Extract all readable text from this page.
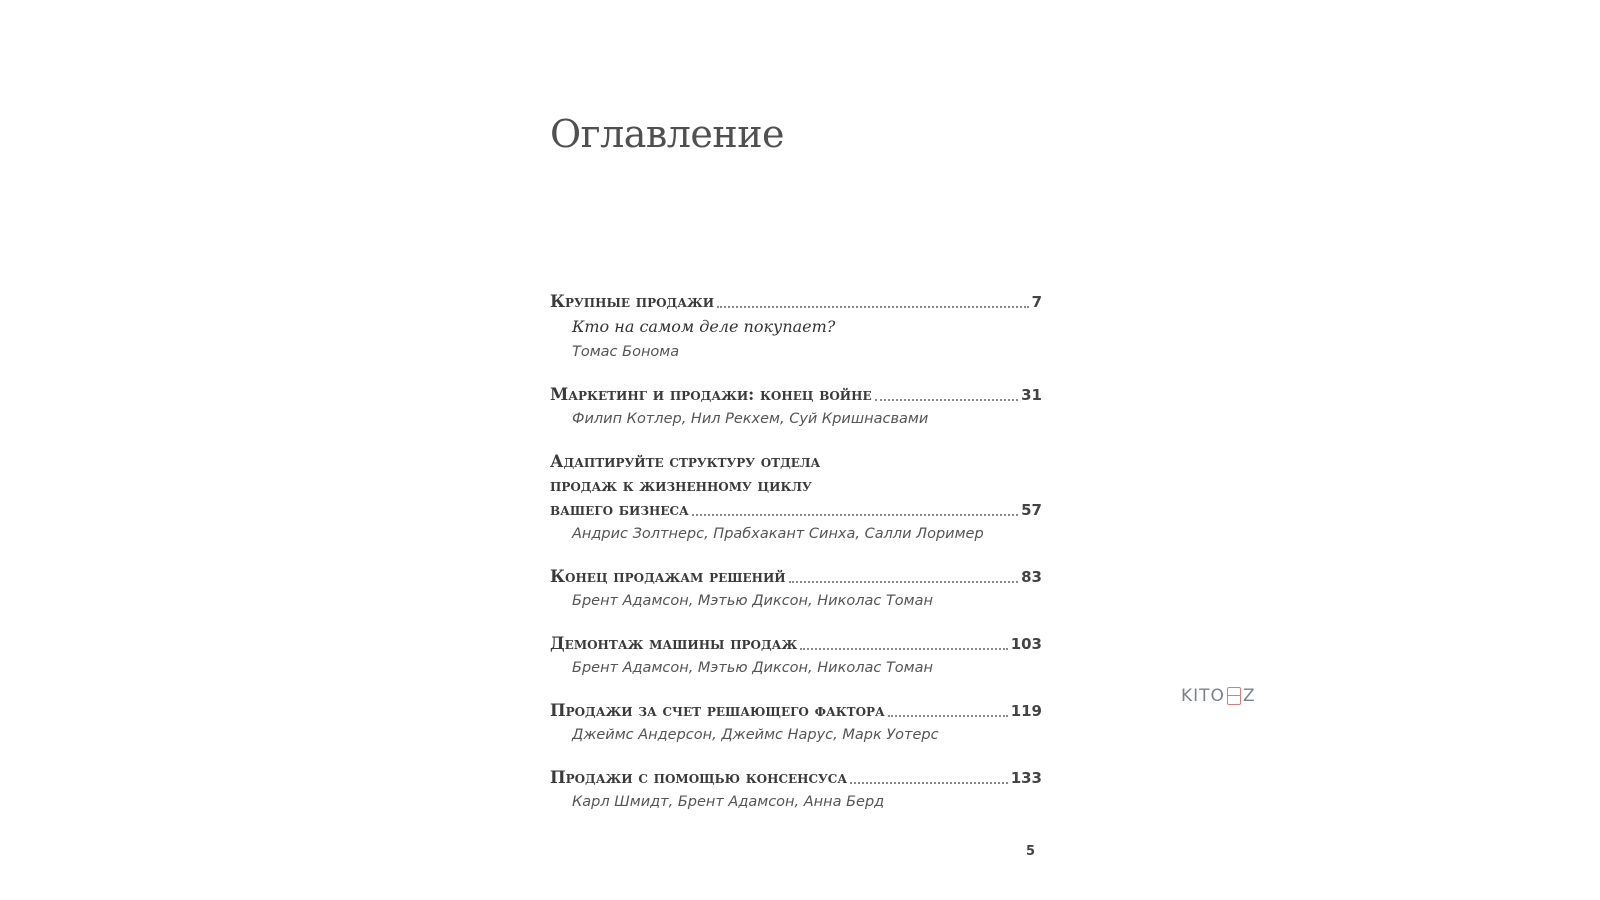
Оглавление
Крупные продажи	7
Кто на самом деле покупает?
Томас Бонома
Маркетинг и продажи: конец войне	31
Филип Котлер, Нил Рекхем, Суй Кришнасвами
Адаптируйте структуру отдела
продаж к жизненному циклу
вашего бизнеса	57
Андрис Золтнерс, Прабхакант Синха, Салли Лоример
Конец продажам решений	83
Брент Адамсон, Мэтью Диксон, Николас Томан
Демонтаж машины продаж	103
Брент Адамсон, Мэтью Диксон, Николас Томан
Продажи за счет решающего фактора	119
Джеймс Андерсон, Джеймс Нарус, Марк Уотерс
Продажи с помощью консенсуса	133
Карл Шмидт, Брент Адамсон, Анна Берд
5
KITO Z
